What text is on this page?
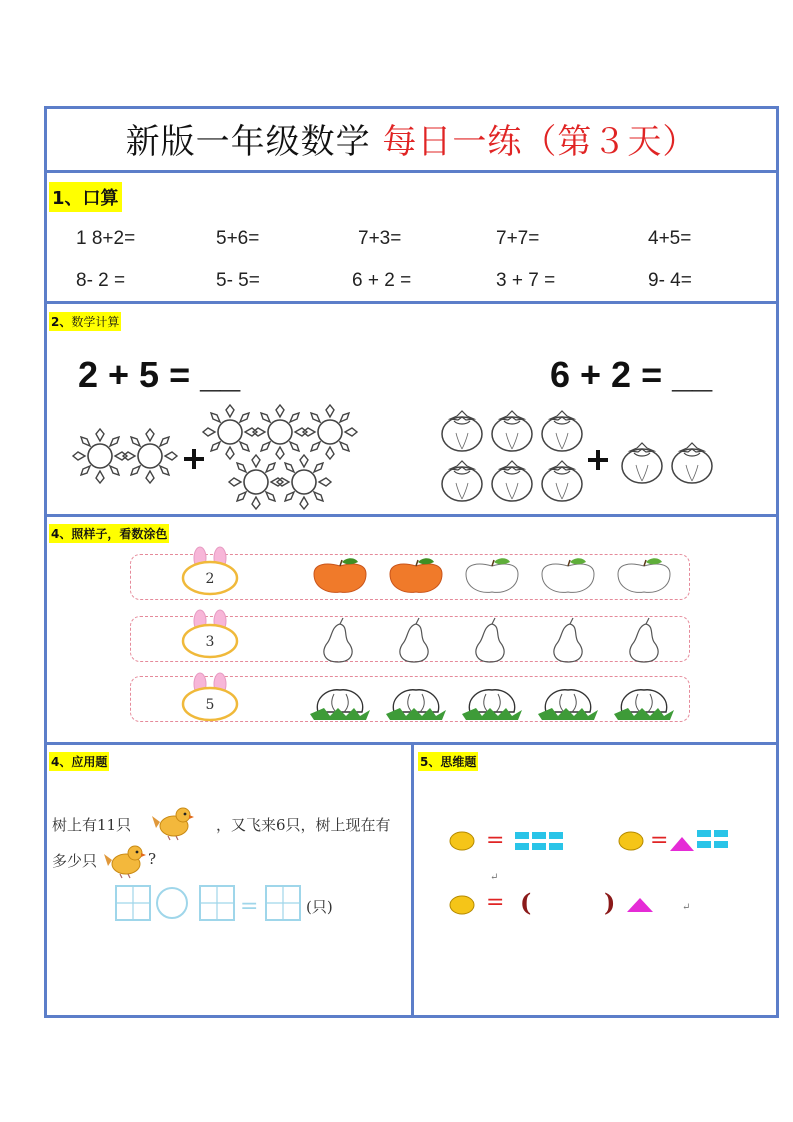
新版一年级数学 每日一练（第３天）
1、口算
1 8+2=	5+6=	7+3=	7+7=	4+5=
8- 2 =	5- 5=	6 + 2 =	3 + 7 =	9- 4=
2、数学计算
2 + 5 = __	6 + 2 = __
4、照样子，看数涂色
2
3
5
4、应用题
树上有11只	，又飞来6只，树上现在有
多少只	?
=	(只)
5、思维题
=	=
= (	)
↵
↵
